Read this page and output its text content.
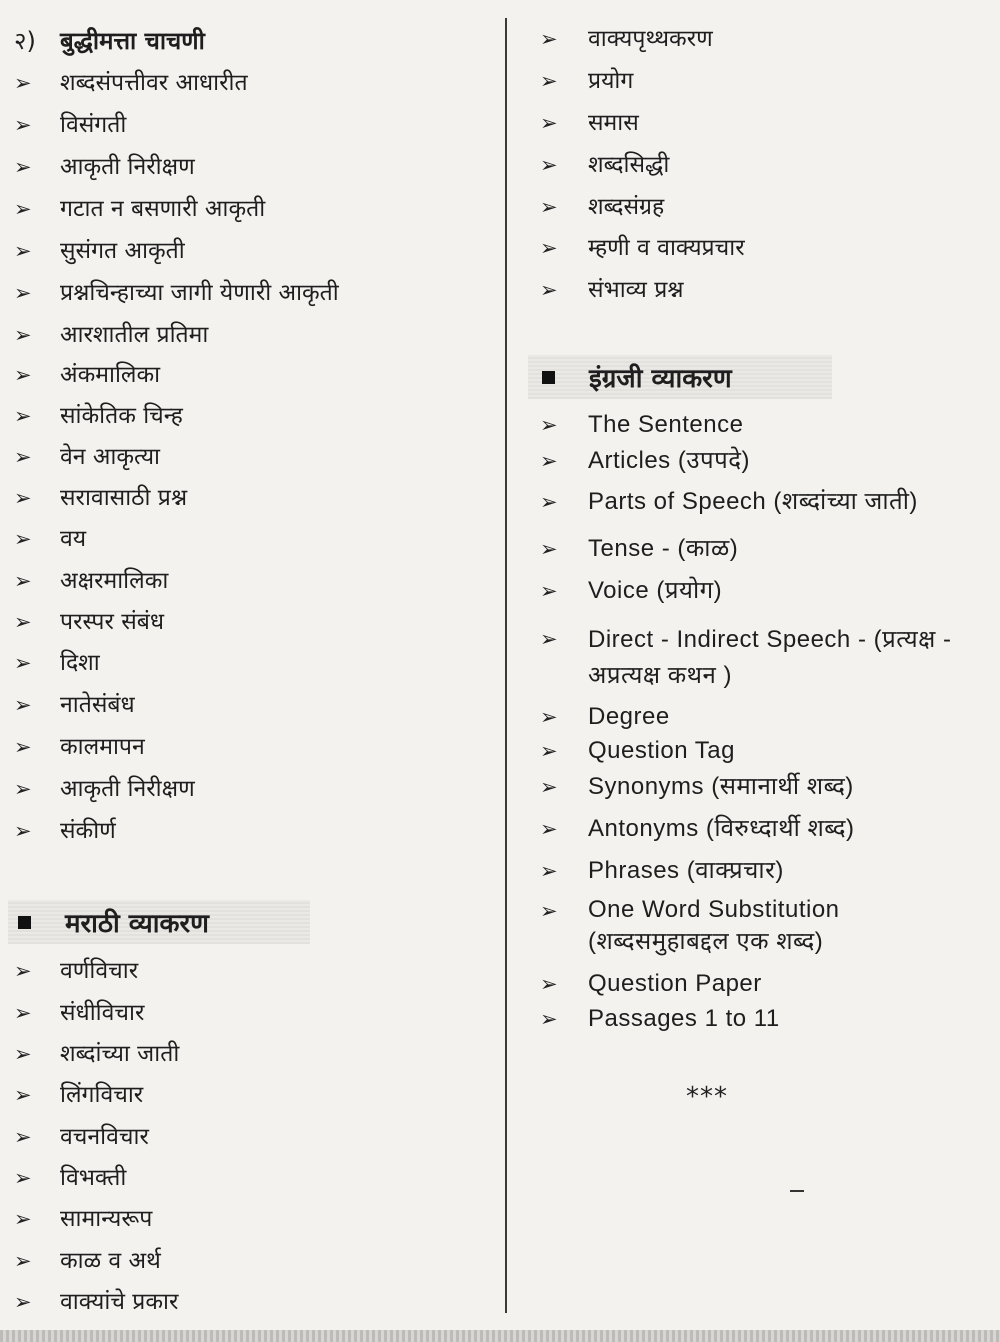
२)	बुद्धीमत्ता चाचणी
➢	शब्दसंपत्तीवर आधारीत
➢	विसंगती
➢	आकृती निरीक्षण
➢	गटात न बसणारी आकृती
➢	सुसंगत आकृती
➢	प्रश्नचिन्हाच्या जागी येणारी आकृती
➢	आरशातील प्रतिमा
➢	अंकमालिका
➢	सांकेतिक चिन्ह
➢	वेन आकृत्या
➢	सरावासाठी प्रश्न
➢	वय
➢	अक्षरमालिका
➢	परस्पर संबंध
➢	दिशा
➢	नातेसंबंध
➢	कालमापन
➢	आकृती निरीक्षण
➢	संकीर्ण
मराठी व्याकरण
➢	वर्णविचार
➢	संधीविचार
➢	शब्दांच्या जाती
➢	लिंगविचार
➢	वचनविचार
➢	विभक्ती
➢	सामान्यरूप
➢	काळ व अर्थ
➢	वाक्यांचे प्रकार
➢	वाक्यपृथ्थकरण
➢	प्रयोग
➢	समास
➢	शब्दसिद्धी
➢	शब्दसंग्रह
➢	म्हणी व वाक्यप्रचार
➢	संभाव्य प्रश्न
इंग्रजी व्याकरण
➢	The Sentence
➢	Articles (उपपदे)
➢	Parts of Speech (शब्दांच्या जाती)
➢	Tense - (काळ)
➢	Voice (प्रयोग)
➢	Direct - Indirect Speech - (प्रत्यक्ष - अप्रत्यक्ष कथन )
➢	Degree
➢	Question Tag
➢	Synonyms (समानार्थी शब्द)
➢	Antonyms (विरुध्दार्थी शब्द)
➢	Phrases (वाक्प्रचार)
➢	One Word Substitution (शब्दसमुहाबद्दल एक शब्द)
➢	Question Paper
➢	Passages 1 to 11
***
